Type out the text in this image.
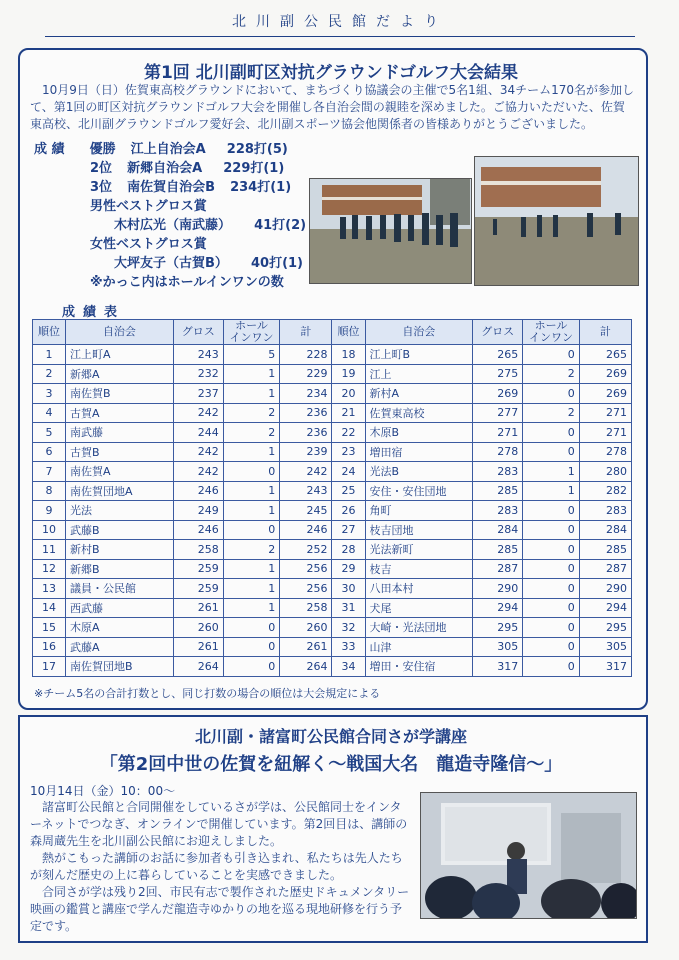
北川副公民館だより
第1回 北川副町区対抗グラウンドゴルフ大会結果
　10月9日（日）佐賀東高校グラウンドにおいて、まちづくり協議会の主催で5名1組、34チーム170名が参加して、第1回の町区対抗グラウンドゴルフ大会を開催し各自治会間の親睦を深めました。ご協力いただいた、佐賀東高校、北川副グラウンドゴルフ愛好会、北川副スポーツ協会他関係者の皆様ありがとうございました。
成 績 優勝 江上自治会A 228打(5)
2位 新郷自治会A 229打(1)
3位 南佐賀自治会B 234打(1)
男性ベストグロス賞
木村広光（南武藤） 41打(2)
女性ベストグロス賞
大坪友子（古賀B） 40打(1)
※かっこ内はホールインワンの数
成績表
順位	自治会	グロス	ホール
インワン	計	順位	自治会	グロス	ホール
インワン	計
1	江上町A	243	5	228	18	江上町B	265	0	265
2	新郷A	232	1	229	19	江上	275	2	269
3	南佐賀B	237	1	234	20	新村A	269	0	269
4	古賀A	242	2	236	21	佐賀東高校	277	2	271
5	南武藤	244	2	236	22	木原B	271	0	271
6	古賀B	242	1	239	23	増田宿	278	0	278
7	南佐賀A	242	0	242	24	光法B	283	1	280
8	南佐賀団地A	246	1	243	25	安住・安住団地	285	1	282
9	光法	249	1	245	26	角町	283	0	283
10	武藤B	246	0	246	27	枝吉団地	284	0	284
11	新村B	258	2	252	28	光法新町	285	0	285
12	新郷B	259	1	256	29	枝吉	287	0	287
13	議員・公民館	259	1	256	30	八田本村	290	0	290
14	西武藤	261	1	258	31	犬尾	294	0	294
15	木原A	260	0	260	32	大崎・光法団地	295	0	295
16	武藤A	261	0	261	33	山津	305	0	305
17	南佐賀団地B	264	0	264	34	増田・安住宿	317	0	317
※チーム5名の合計打数とし、同じ打数の場合の順位は大会規定による
北川副・諸富町公民館合同さが学講座
「第2回中世の佐賀を紐解く～戦国大名　龍造寺隆信～」
10月14日（金）10：00～
　諸富町公民館と合同開催をしているさが学は、公民館同士をインターネットでつなぎ、オンラインで開催しています。第2回目は、講師の森周蔵先生を北川副公民館にお迎えしました。
　熱がこもった講師のお話に参加者も引き込まれ、私たちは先人たちが刻んだ歴史の上に暮らしていることを実感できました。
　合同さが学は残り2回、市民有志で製作された歴史ドキュメンタリー映画の鑑賞と講座で学んだ龍造寺ゆかりの地を巡る現地研修を行う予定です。
